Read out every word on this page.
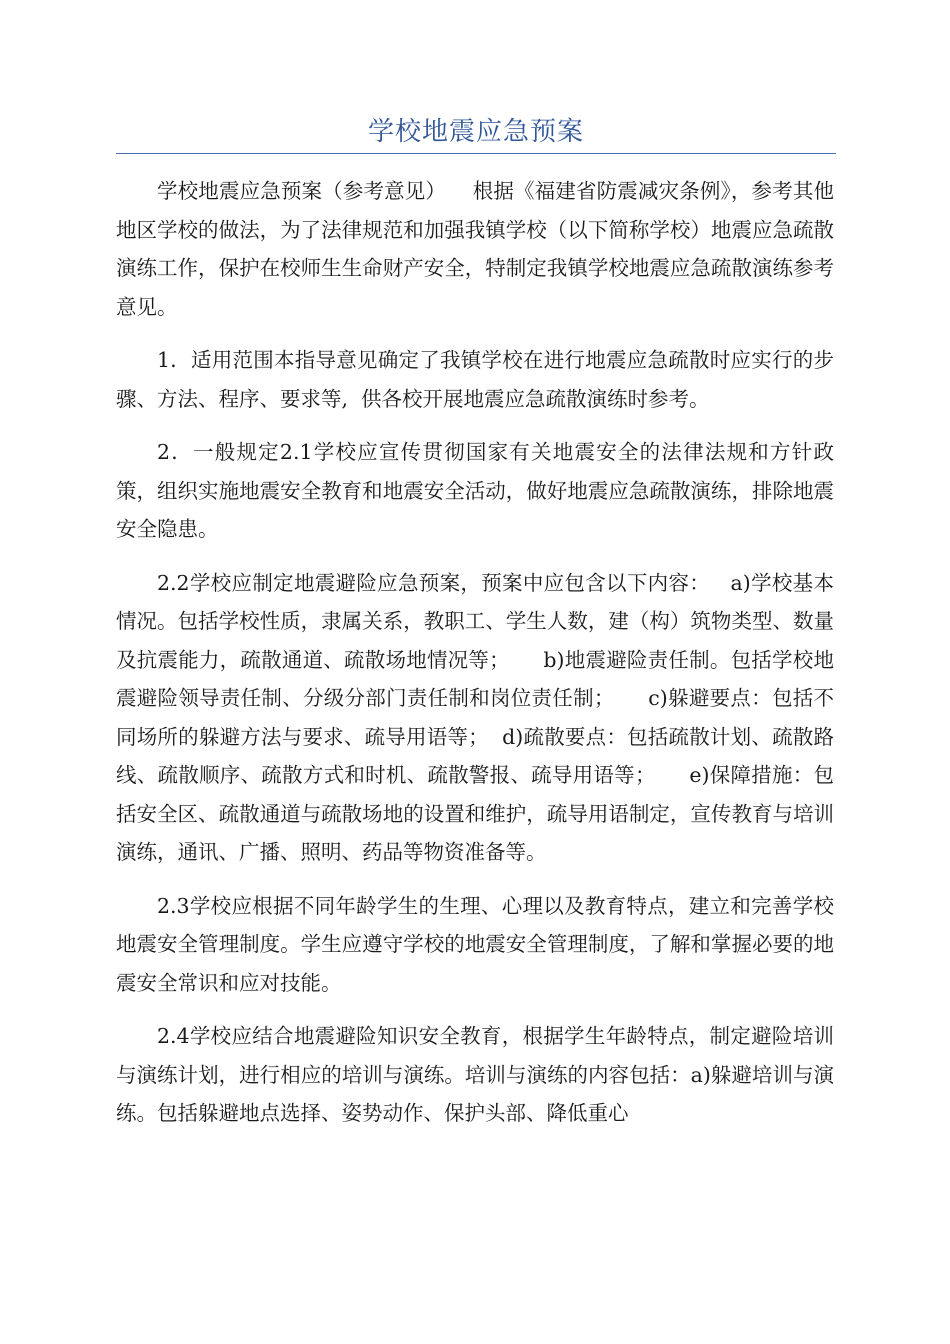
学校地震应急预案

学校地震应急预案（参考意见）    根据《福建省防震减灾条例》，参考其他地区学校的做法，为了法律规范和加强我镇学校（以下简称学校）地震应急疏散演练工作，保护在校师生生命财产安全，特制定我镇学校地震应急疏散演练参考意见。

1．适用范围本指导意见确定了我镇学校在进行地震应急疏散时应实行的步骤、方法、程序、要求等,  供各校开展地震应急疏散演练时参考。

2．一般规定2.1学校应宣传贯彻国家有关地震安全的法律法规和方针政策，组织实施地震安全教育和地震安全活动，做好地震应急疏散演练，排除地震安全隐患。

2.2学校应制定地震避险应急预案，预案中应包含以下内容：   a)学校基本情况。包括学校性质，隶属关系，教职工、学生人数，建（构）筑物类型、数量及抗震能力，疏散通道、疏散场地情况等；     b)地震避险责任制。包括学校地震避险领导责任制、分级分部门责任制和岗位责任制；     c)躲避要点：包括不同场所的躲避方法与要求、疏导用语等；  d)疏散要点：包括疏散计划、疏散路线、疏散顺序、疏散方式和时机、疏散警报、疏导用语等；     e)保障措施：包括安全区、疏散通道与疏散场地的设置和维护，疏导用语制定，宣传教育与培训演练，通讯、广播、照明、药品等物资准备等。

2.3学校应根据不同年龄学生的生理、心理以及教育特点，建立和完善学校地震安全管理制度。学生应遵守学校的地震安全管理制度，了解和掌握必要的地震安全常识和应对技能。

2.4学校应结合地震避险知识安全教育，根据学生年龄特点，制定避险培训与演练计划，进行相应的培训与演练。培训与演练的内容包括：a)躲避培训与演练。包括躲避地点选择、姿势动作、保护头部、降低重心
